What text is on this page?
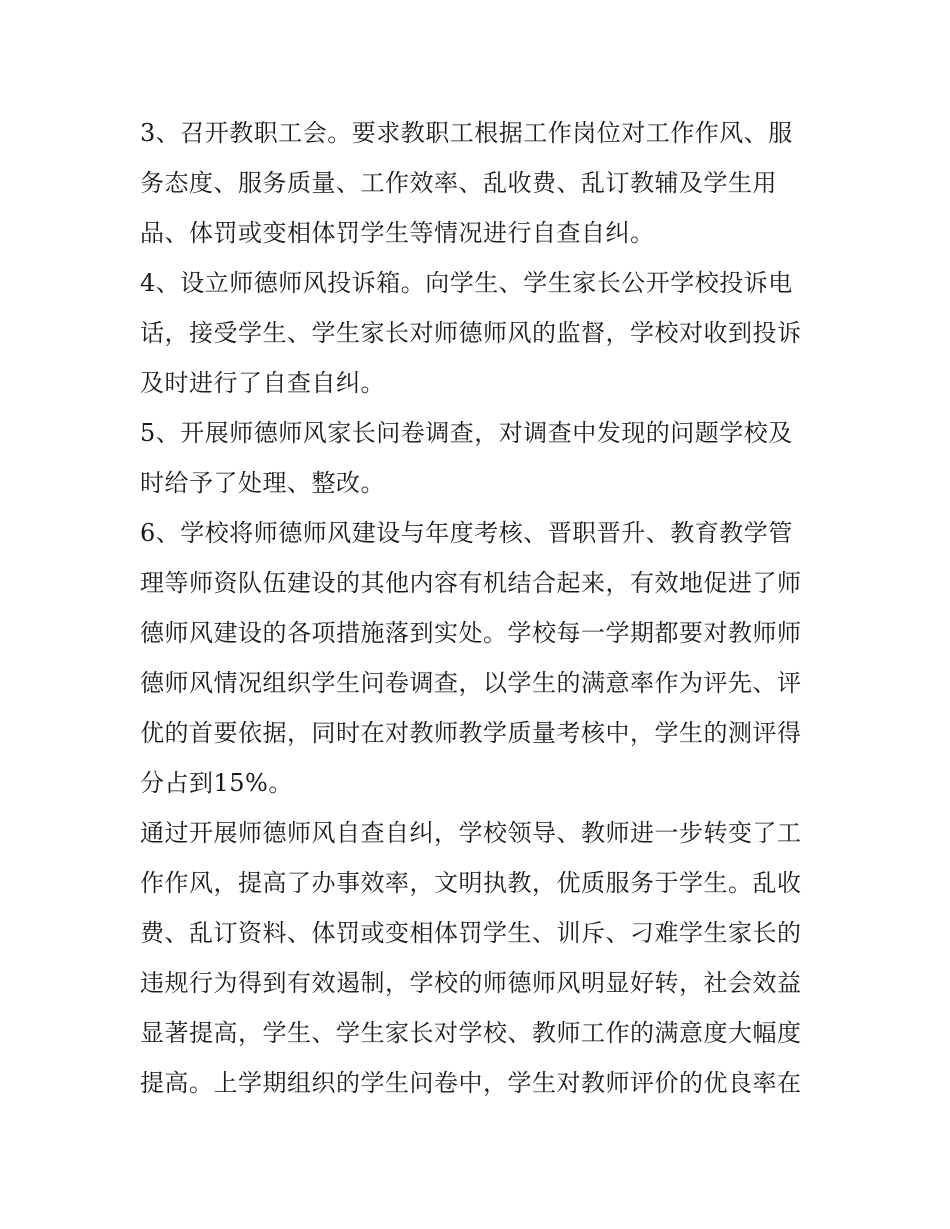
3、召开教职工会。要求教职工根据工作岗位对工作作风、服
务态度、服务质量、工作效率、乱收费、乱订教辅及学生用
品、体罚或变相体罚学生等情况进行自查自纠。
4、设立师德师风投诉箱。向学生、学生家长公开学校投诉电
话，接受学生、学生家长对师德师风的监督，学校对收到投诉
及时进行了自查自纠。
5、开展师德师风家长问卷调查，对调查中发现的问题学校及
时给予了处理、整改。
6、学校将师德师风建设与年度考核、晋职晋升、教育教学管
理等师资队伍建设的其他内容有机结合起来，有效地促进了师
德师风建设的各项措施落到实处。学校每一学期都要对教师师
德师风情况组织学生问卷调查，以学生的满意率作为评先、评
优的首要依据，同时在对教师教学质量考核中，学生的测评得
分占到15%。
通过开展师德师风自查自纠，学校领导、教师进一步转变了工
作作风，提高了办事效率，文明执教，优质服务于学生。乱收
费、乱订资料、体罚或变相体罚学生、训斥、刁难学生家长的
违规行为得到有效遏制，学校的师德师风明显好转，社会效益
显著提高，学生、学生家长对学校、教师工作的满意度大幅度
提高。上学期组织的学生问卷中，学生对教师评价的优良率在
